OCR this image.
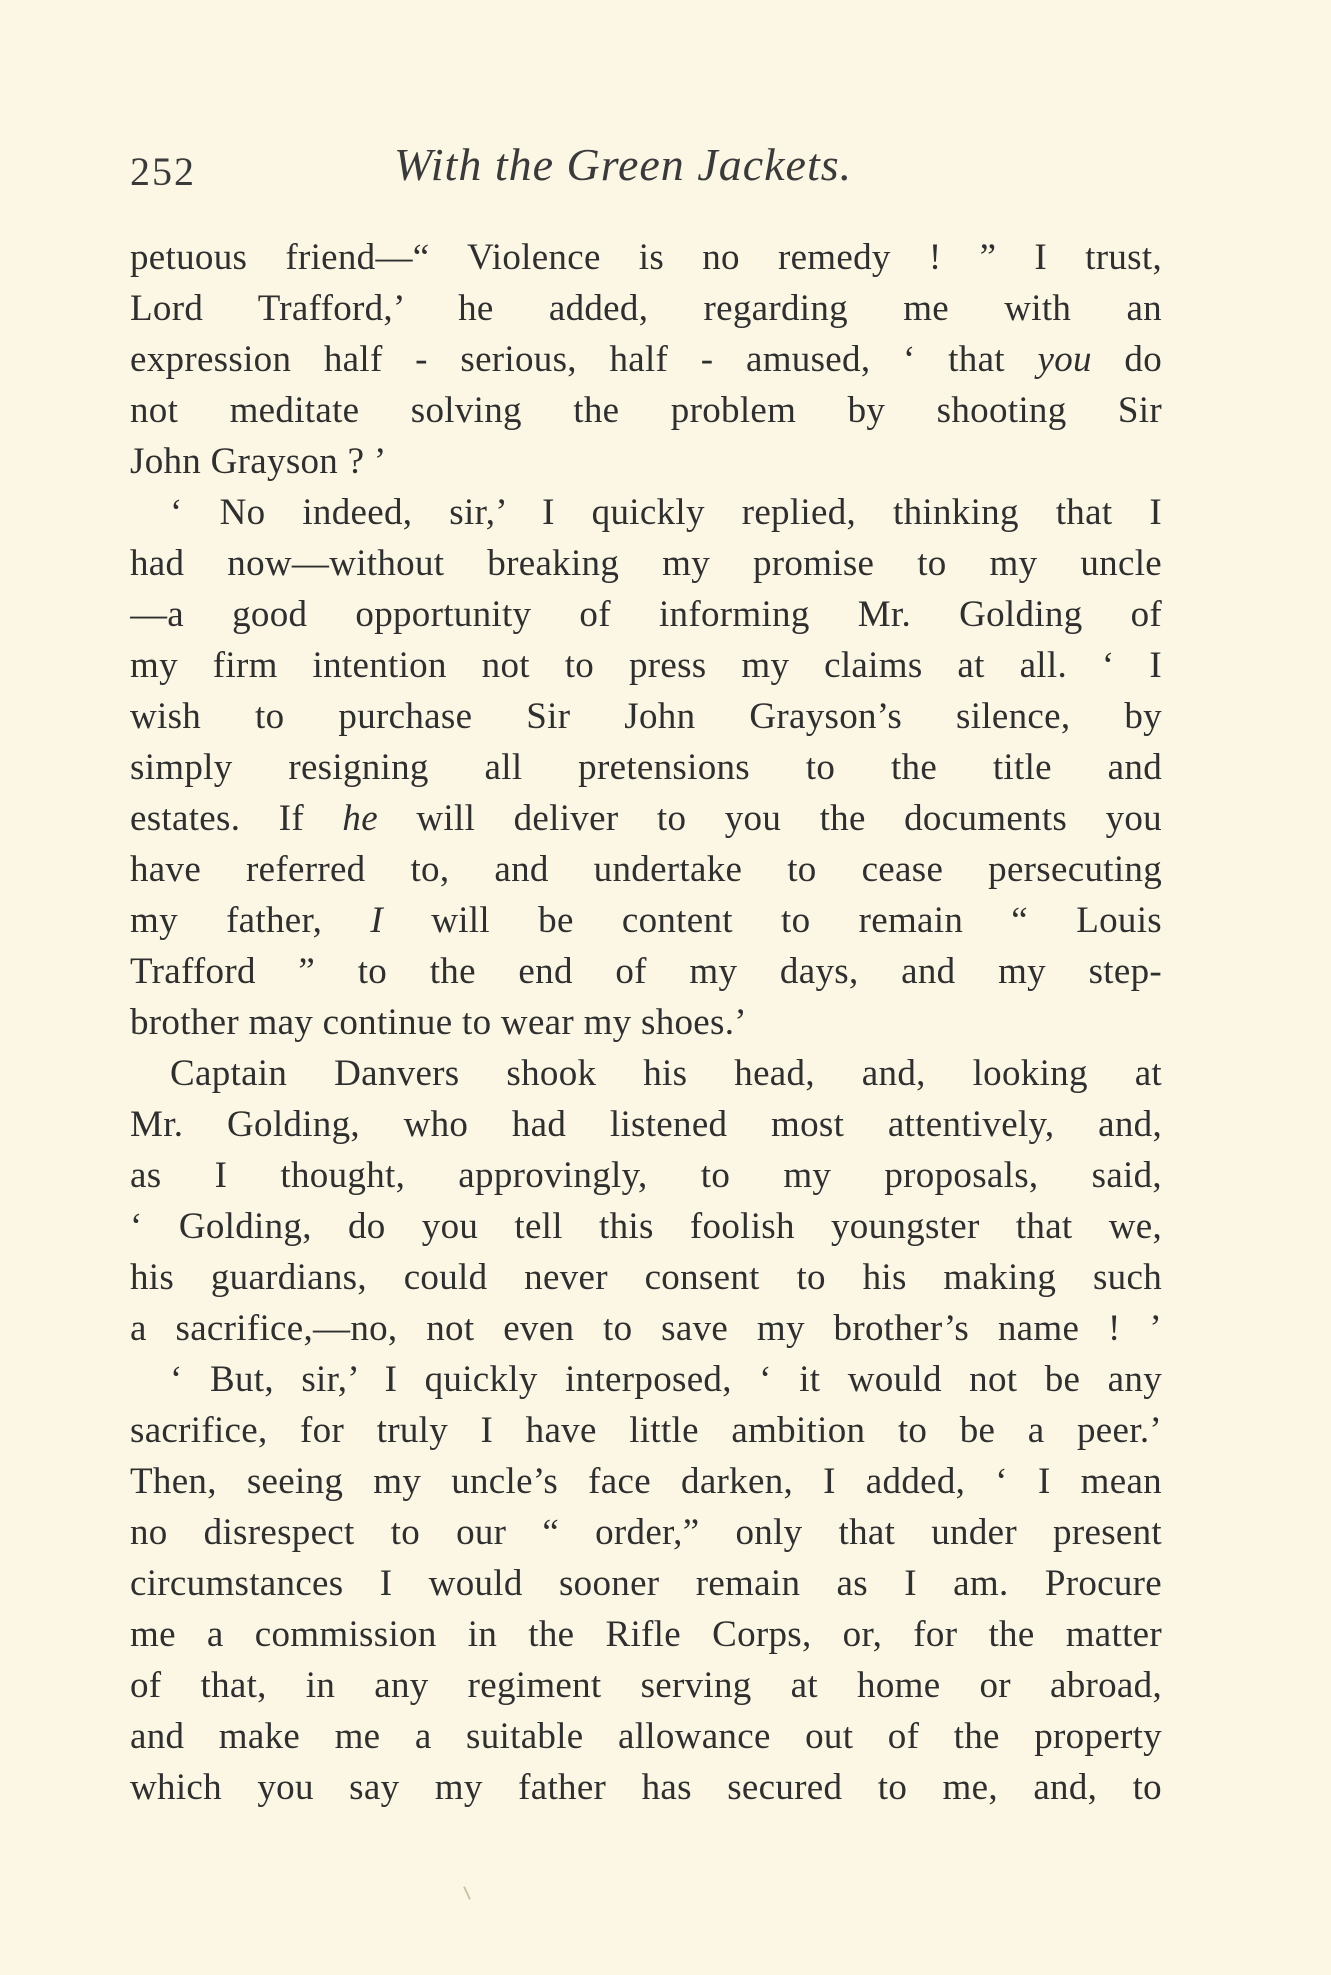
252	With the Green Jackets.
petuous friend—“ Violence is no remedy ! ” I trust,
Lord Trafford,’ he added, regarding me with an
expression half - serious, half - amused, ‘ that you do
not meditate solving the problem by shooting Sir
John Grayson ? ’
‘ No indeed, sir,’ I quickly replied, thinking that I
had now—without breaking my promise to my uncle
—a good opportunity of informing Mr. Golding of
my firm intention not to press my claims at all. ‘ I
wish to purchase Sir John Grayson’s silence, by
simply resigning all pretensions to the title and
estates. If he will deliver to you the documents you
have referred to, and undertake to cease persecuting
my father, I will be content to remain “ Louis
Trafford ” to the end of my days, and my step-
brother may continue to wear my shoes.’
Captain Danvers shook his head, and, looking at
Mr. Golding, who had listened most attentively, and,
as I thought, approvingly, to my proposals, said,
‘ Golding, do you tell this foolish youngster that we,
his guardians, could never consent to his making such
a sacrifice,—no, not even to save my brother’s name ! ’
‘ But, sir,’ I quickly interposed, ‘ it would not be any
sacrifice, for truly I have little ambition to be a peer.’
Then, seeing my uncle’s face darken, I added, ‘ I mean
no disrespect to our “ order,” only that under present
circumstances I would sooner remain as I am. Procure
me a commission in the Rifle Corps, or, for the matter
of that, in any regiment serving at home or abroad,
and make me a suitable allowance out of the property
which you say my father has secured to me, and, to
